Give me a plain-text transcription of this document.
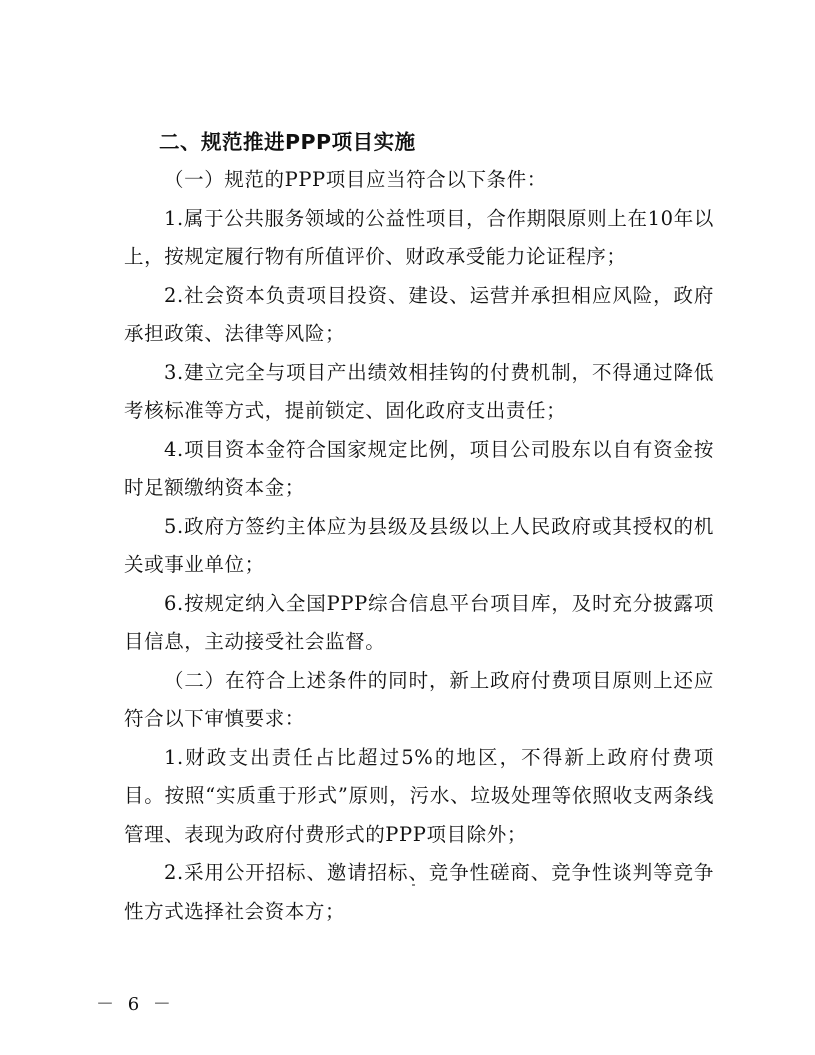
二、规范推进PPP项目实施

（一）规范的PPP项目应当符合以下条件：

1.属于公共服务领域的公益性项目，合作期限原则上在10年以上，按规定履行物有所值评价、财政承受能力论证程序；

2.社会资本负责项目投资、建设、运营并承担相应风险，政府承担政策、法律等风险；

3.建立完全与项目产出绩效相挂钩的付费机制，不得通过降低考核标准等方式，提前锁定、固化政府支出责任；

4.项目资本金符合国家规定比例，项目公司股东以自有资金按时足额缴纳资本金；

5.政府方签约主体应为县级及县级以上人民政府或其授权的机关或事业单位；

6.按规定纳入全国PPP综合信息平台项目库，及时充分披露项目信息，主动接受社会监督。

（二）在符合上述条件的同时，新上政府付费项目原则上还应符合以下审慎要求：

1.财政支出责任占比超过5%的地区，不得新上政府付费项目。按照“实质重于形式”原则，污水、垃圾处理等依照收支两条线管理、表现为政府付费形式的PPP项目除外；

2.采用公开招标、邀请招标、竞争性磋商、竞争性谈判等竞争性方式选择社会资本方；

－ 6 －
